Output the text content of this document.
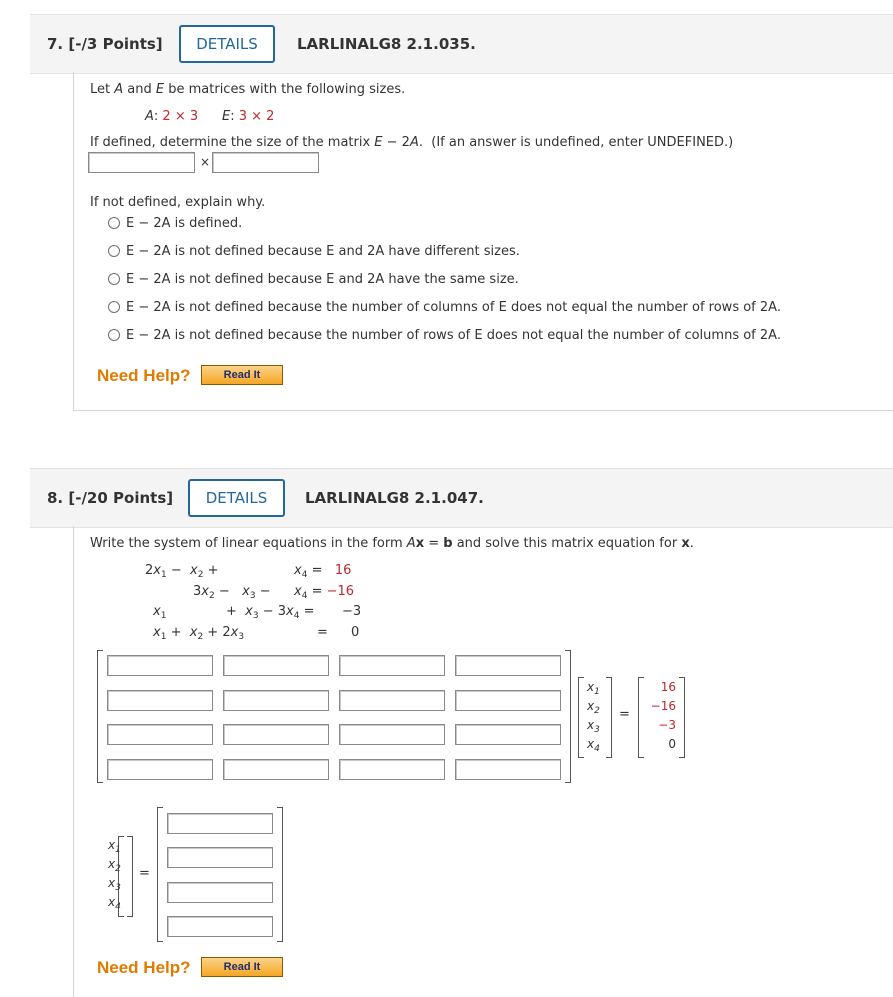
7. [-/3 Points]	DETAILS	LARLINALG8 2.1.035.
Let A and E be matrices with the following sizes.
A: 2 × 3 E: 3 × 2
If defined, determine the size of the matrix E − 2A.  (If an answer is undefined, enter UNDEFINED.)
×
If not defined, explain why.
E − 2A is defined.
E − 2A is not defined because E and 2A have different sizes.
E − 2A is not defined because E and 2A have the same size.
E − 2A is not defined because the number of columns of E does not equal the number of rows of 2A.
E − 2A is not defined because the number of rows of E does not equal the number of columns of 2A.
Need Help?	Read It
8. [-/20 Points]	DETAILS	LARLINALG8 2.1.047.
Write the system of linear equations in the form Ax = b and solve this matrix equation for x.
$2x_1 - x_2$ +	$x_4 = 16$
$3x_2 - x_3 - x_4 = -16$
$x_1$	+  $x_3 - 3x_4 = -3$
$x_1 + x_2 + 2x_3$	= 0
$x_1$
$x_2$
$x_3$
$x_4$
=
16
−16
−3
0
$x_1$
$x_2$
$x_3$
$x_4$
=
Need Help?	Read It
